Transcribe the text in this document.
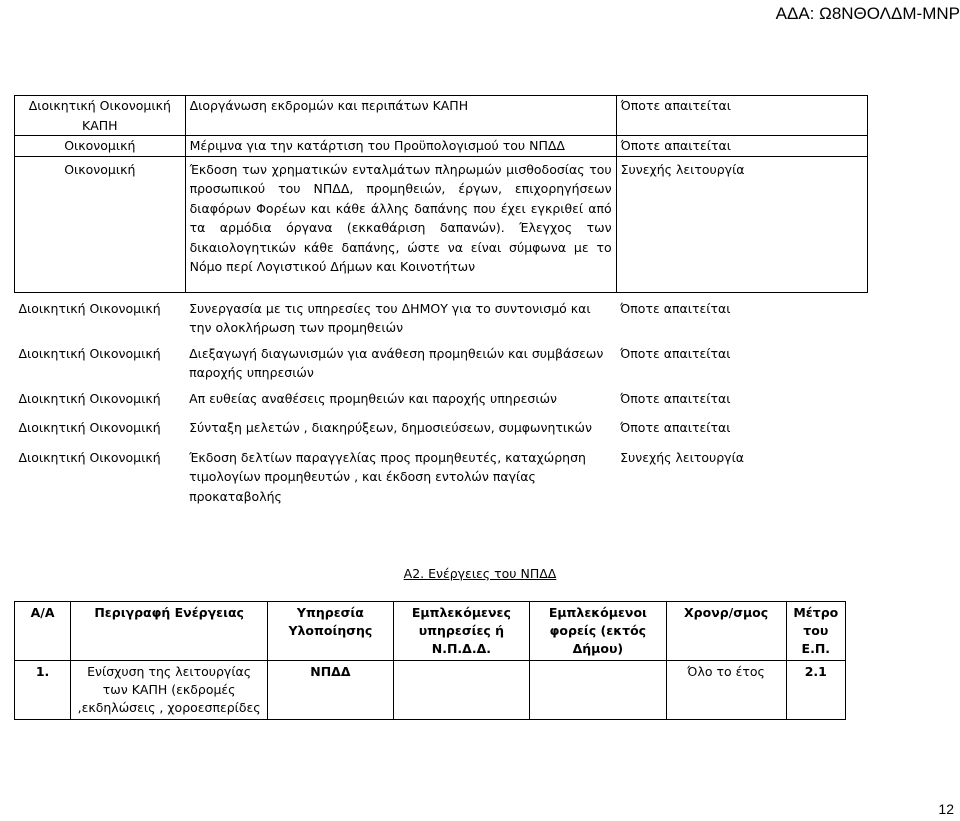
ΑΔΑ: Ω8ΝΘΟΛΔΜ-ΜΝΡ
Διοικητική Οικονομική ΚΑΠΗ	Διοργάνωση εκδρομών και περιπάτων ΚΑΠΗ	Όποτε απαιτείται
Οικονομική	Μέριμνα για την κατάρτιση του Προϋπολογισμού του ΝΠΔΔ	Όποτε απαιτείται
Οικονομική	Έκδοση των χρηματικών ενταλμάτων πληρωμών μισθοδοσίας του προσωπικού του ΝΠΔΔ, προμηθειών, έργων, επιχορηγήσεων διαφόρων Φορέων και κάθε άλλης δαπάνης που έχει εγκριθεί από τα αρμόδια όργανα (εκκαθάριση δαπανών). Έλεγχος των δικαιολογητικών κάθε δαπάνης, ώστε να είναι σύμφωνα με το Νόμο περί Λογιστικού Δήμων και Κοινοτήτων	Συνεχής λειτουργία
Διοικητική Οικονομική	Συνεργασία με τις υπηρεσίες του ΔΗΜΟΥ για το συντονισμό και την ολοκλήρωση των προμηθειών	Όποτε απαιτείται
Διοικητική Οικονομική	Διεξαγωγή διαγωνισμών για ανάθεση προμηθειών και συμβάσεων παροχής υπηρεσιών	Όποτε απαιτείται
Διοικητική Οικονομική	Απ ευθείας αναθέσεις προμηθειών και παροχής υπηρεσιών	Όποτε απαιτείται
Διοικητική Οικονομική	Σύνταξη μελετών , διακηρύξεων, δημοσιεύσεων, συμφωνητικών	Όποτε απαιτείται
Διοικητική Οικονομική	Έκδοση δελτίων παραγγελίας προς προμηθευτές, καταχώρηση τιμολογίων προμηθευτών , και έκδοση εντολών παγίας προκαταβολής	Συνεχής λειτουργία
Α2. Ενέργειες του ΝΠΔΔ
Α/Α	Περιγραφή Ενέργειας	Υπηρεσία Υλοποίησης	Εμπλεκόμενες υπηρεσίες ή Ν.Π.Δ.Δ.	Εμπλεκόμενοι φορείς (εκτός Δήμου)	Χρονρ/σμος	Μέτρο του Ε.Π.
1.	Ενίσχυση της λειτουργίας των ΚΑΠΗ (εκδρομές ,εκδηλώσεις , χοροεσπερίδες	ΝΠΔΔ			Όλο το έτος	2.1
12
